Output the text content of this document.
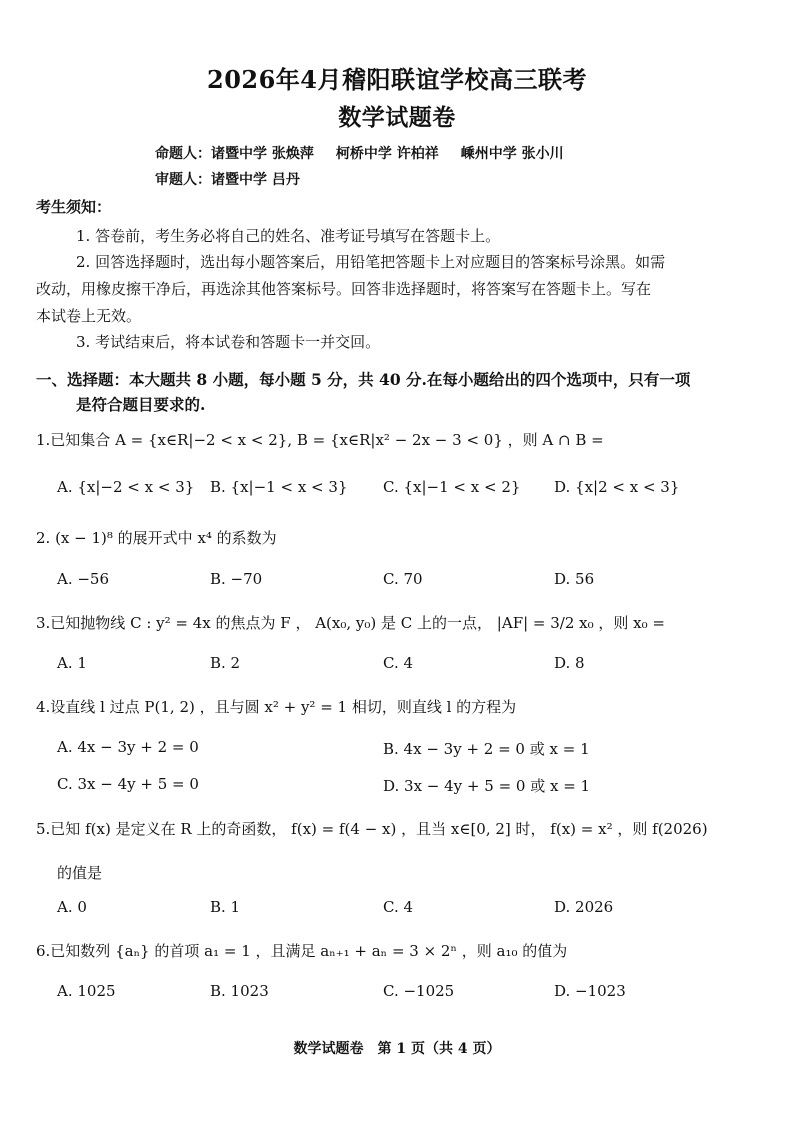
2026年4月稽阳联谊学校高三联考
数学试题卷
命题人：诸暨中学 张焕萍 柯桥中学 许柏祥 嵊州中学 张小川
审题人：诸暨中学 吕丹
考生须知：
1. 答卷前，考生务必将自己的姓名、准考证号填写在答题卡上。
2. 回答选择题时，选出每小题答案后，用铅笔把答题卡上对应题目的答案标号涂黑。如需
改动，用橡皮擦干净后，再选涂其他答案标号。回答非选择题时，将答案写在答题卡上。写在
本试卷上无效。
3. 考试结束后，将本试卷和答题卡一并交回。
一、选择题：本大题共 8 小题，每小题 5 分，共 40 分.在每小题给出的四个选项中，只有一项
是符合题目要求的.
1.已知集合 A = {x∈R|−2 < x < 2}, B = {x∈R|x² − 2x − 3 < 0} ，则 A ∩ B =
A. {x|−2 < x < 3} B. {x|−1 < x < 3} C. {x|−1 < x < 2} D. {x|2 < x < 3}
2. (x − 1)⁸ 的展开式中 x⁴ 的系数为
A. −56	B. −70	C. 70	D. 56
3.已知抛物线 C : y² = 4x 的焦点为 F ， A(x₀, y₀) 是 C 上的一点， |AF| = 3/2 x₀ ，则 x₀ =
A. 1	B. 2	C. 4	D. 8
4.设直线 l 过点 P(1, 2) ，且与圆 x² + y² = 1 相切，则直线 l 的方程为
A. 4x − 3y + 2 = 0	B. 4x − 3y + 2 = 0 或 x = 1
C. 3x − 4y + 5 = 0	D. 3x − 4y + 5 = 0 或 x = 1
5.已知 f(x) 是定义在 R 上的奇函数， f(x) = f(4 − x) ，且当 x∈[0, 2] 时， f(x) = x² ，则 f(2026)
的值是
A. 0	B. 1	C. 4	D. 2026
6.已知数列 {aₙ} 的首项 a₁ = 1 ，且满足 aₙ₊₁ + aₙ = 3 × 2ⁿ ，则 a₁₀ 的值为
A. 1025	B. 1023	C. −1025	D. −1023
数学试题卷　第 1 页（共 4 页）
